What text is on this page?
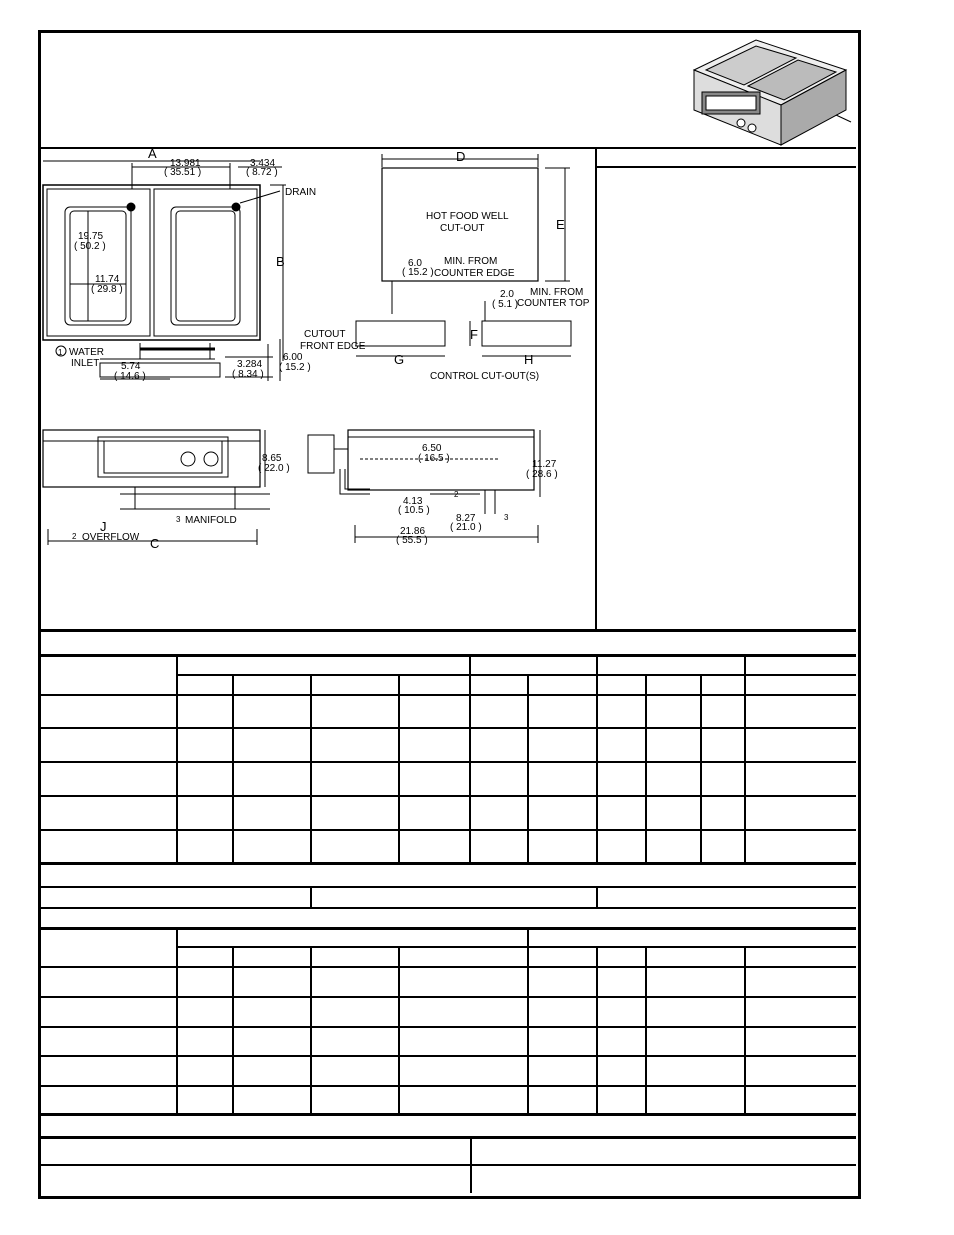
A
13.981
( 35.51 )
3.434
( 8.72 )
DRAIN
19.75
( 50.2 )
11.74
( 29.8 )
B
1 WATER
INLET 5.74
( 14.6 )
3.284
( 8.34 )
6.00
( 15.2 )
D
E
HOT FOOD WELL
CUT-OUT
6.0
( 15.2 )
MIN. FROM
COUNTER EDGE
2.0
( 5.1 )
MIN. FROM
COUNTER TOP
CUTOUT
FRONT EDGE
F
G	H
CONTROL CUT-OUT(S)
8.65
( 22.0 )
3 MANIFOLD
J
2 OVERFLOW C
6.50
( 16.5 )
4.13
( 10.5 )
8.27
( 21.0 )
21.86
( 55.5 )
11.27
( 28.6 )
2
3
